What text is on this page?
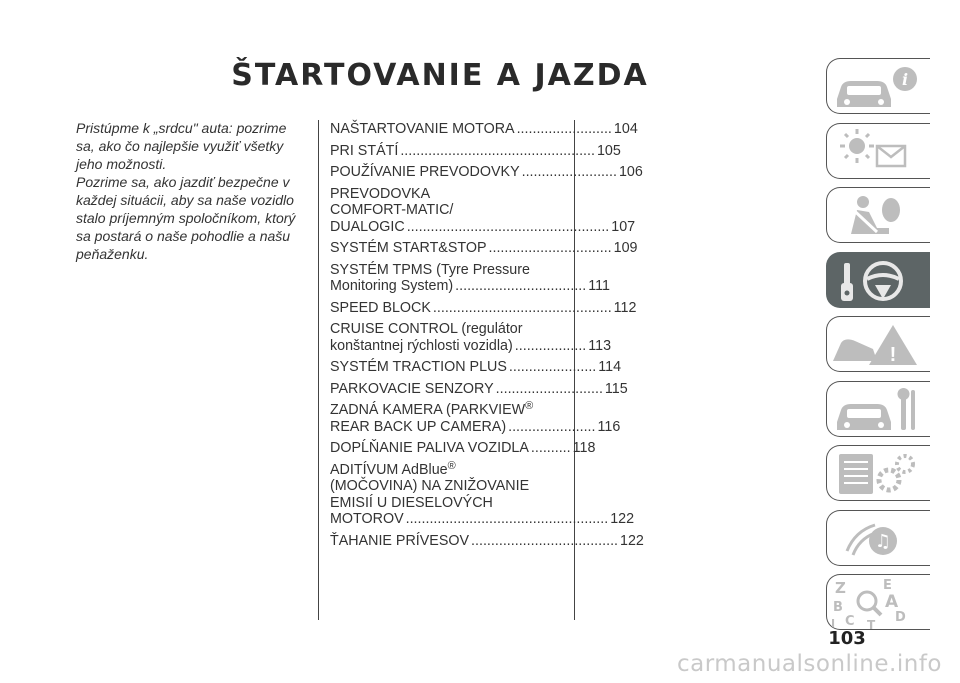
ŠTARTOVANIE A JAZDA

Pristúpme k „srdcu" auta: pozrime sa, ako čo najlepšie využiť všetky jeho možnosti.

Pozrime sa, ako jazdiť bezpečne v každej situácii, aby sa naše vozidlo stalo príjemným spoločníkom, ktorý sa postará o naše pohodlie a našu peňaženku.

NAŠTARTOVANIE MOTORA ........................ 104
PRI STÁTÍ ................................................. 105
POUŽÍVANIE PREVODOVKY ........................ 106
PREVODOVKA
COMFORT-MATIC/
DUALOGIC ................................................... 107
SYSTÉM START&STOP ............................... 109
SYSTÉM TPMS (Tyre Pressure
Monitoring System) ................................. 111
SPEED BLOCK ............................................. 112
CRUISE CONTROL (regulátor
konštantnej rýchlosti vozidla) .................. 113
SYSTÉM TRACTION PLUS ...................... 114
PARKOVACIE SENZORY ........................... 115
ZADNÁ KAMERA (PARKVIEW®
REAR BACK UP CAMERA) ...................... 116
DOPĹŇANIE PALIVA VOZIDLA .......... 118
ADITÍVUM AdBlue®
(MOČOVINA) NA ZNIŽOVANIE
EMISIÍ U DIESELOVÝCH
MOTOROV ................................................... 122
ŤAHANIE PRÍVESOV ..................................... 122
i
!
♫
Z	E
B A
C	D
I	T
103
carmanualsonline.info
